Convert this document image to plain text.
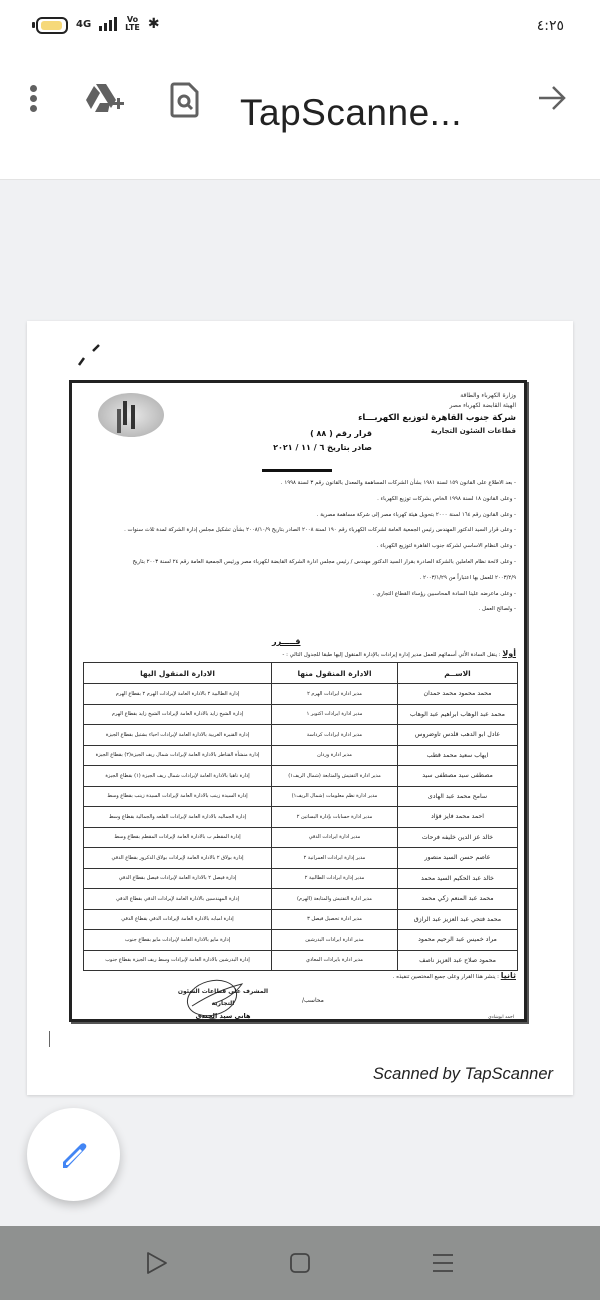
4G	Vo
LTE ✱	٤:٢٥
TapScanne...
وزارة الكهرباء والطاقة
الهيئة القابضة لكهرباء مصر
شركة جنوب القاهرة لتوزيع الكهربـــاء
قطاعات الشئون التجارية
قرار رقم ( ٨٨ )
صادر بتاريخ ٦ / ١١ / ٢٠٢١

- بعد الاطلاع على القانون ١٥٩ لسنة ١٩٨١ بشأن الشركات المساهمة والمعدل بالقانون رقم ٣ لسنة ١٩٩٨ .

- وعلى القانون ١٨ لسنة ١٩٩٨ الخاص بشركات توزيع الكهرباء .

- وعلى القانون رقم ١٦٤ لسنة ٢٠٠٠ بتحويل هيئة كهرباء مصر إلى شركة مساهمة مصرية .

- وعلى قرار السيد الدكتور المهندس رئيس الجمعية العامة لشركات الكهرباء رقم ١٩٠ لسنة ٢٠٠٨ الصادر بتاريخ ٢٠٠٨/١٠/٩ بشأن تشكيل مجلس إدارة الشركة لمدة ثلاث سنوات .

- وعلى النظام الاساسي لشركة جنوب القاهرة لتوزيع الكهرباء .

- وعلى لائحة نظام العاملين بالشركة الصادرة بقرار السيد الدكتور مهندس / رئيس مجلس ادارة الشركة القابضة لكهرباء مصر ورئيس الجمعية العامة رقم ٢٤ لسنة ٢٠٠٣ بتاريخ

٢٠٠٣/٢/٩ للعمل بها اعتباراً من ٢٠٠٣/١/٢٩ .

- وعلى ماعرضه علينا السادة المحاسبين رؤساء القطاع التجاري .

- ولصالح العمل .

قـــــرر
أولا : ينقل السادة الأتي أسمائهم للعمل مدير إدارة إيرادات بالإدارة المنقول إليها طبقا للجدول التالي : -
الاســم	الادارة المنقول منها	الادارة المنقول اليها
محمد محمود محمد حمدان	مدير ادارة ايرادات الهرم ٢	إدارة الطالبية ٢ بالادارة العامة لإيرادات الهرم ٢ بقطاع الهرم
محمد عبد الوهاب ابراهيم عبد الوهاب	مدير ادارة ايرادات اكتوبر ١	إدارة الشيخ زايد بالادارة العامة لإيرادات الشيخ زايد بقطاع الهرم
عادل ابو الدهب قلدس تاوضروس	مدير ادارة ايرادات كرداسة	إدارة القنيرة الغربية بالادارة العامة لإيرادات احياء بشتيل بقطاع الجيزة
ايهاب سعيد محمد قطب	مدير ادارة وردان	إدارة منشأة القناطر بالادارة العامة لإيرادات شمال ريف الجيزة(٢) بقطاع الجيزة
مصطفى سيد مصطفى سيد	مدير ادارة التفتيش والمتابعة (شمال الريف١)	إدارة ناهيا بالادارة العامة لإيرادات شمال ريف الجيزة (١) بقطاع الجيزة
سامح محمد عبد الهادى	مدير ادارة نظم معلومات (شمال الريف١)	إدارة السيدة زينب بالادارة العامة لإيرادات السيدة زينب بقطاع وسط
احمد محمد فايز فؤاد	مدير ادارة حسابات بإدارة البساتين ٢	إدارة الجماليه بالادارة العامة لإيرادات القلعه والجمالية بقطاع وسط
خالد عز الدين خليفه فرحات	مدير ادارة ايرادات الدقي	إدارة المقطم ب بالادارة العامة لإيرادات المقطم بقطاع وسط
عاصم حسن السيد منصور	مدير إدارة ايرادات العمرانية ٢	إدارة بولاق ٢ بالادارة العامة لإيرادات بولاق الدكرور بقطاع الدقي
خالد عبد الحكيم السيد محمد	مدير إدارة ايرادات الطالبية ٢	إدارة فيصل ٢ بالادارة العامة لإيرادات فيصل بقطاع الدقي
محمد عبد المنعم زكي محمد	مدير ادارة التفتيش والمتابعة (الهرم)	إدارة المهندسين بالادارة العامة لإيرادات الدقي بقطاع الدقي
محمد فتحي عبد العزيز عبد الرازق	مدير ادارة تحصيل فيصل ٣	إدارة امبابه بالادارة العامة لإيرادات الدقي بقطاع الدقي
مراد خميس عبد الرحيم محمود	مدير ادارة ايرادات البدرشين	إدارة مايو بالادارة العامة لإيرادات مايو بقطاع جنوب
محمود صلاح عبد العزيز ناصف	مدير ادارة بايرادات المعادي	إدارة البدرشين بالادارة العامة لإيرادات وسط ريف الجيزة بقطاع جنوب
ثانيا : ينشر هذا القرار وعلى جميع المختصين تنفيذه .
المشرف على قطاعات الشئون التجارية
هاني سيد الجندي
محاسب/
احمد ابوشادي
Scanned by TapScanner
